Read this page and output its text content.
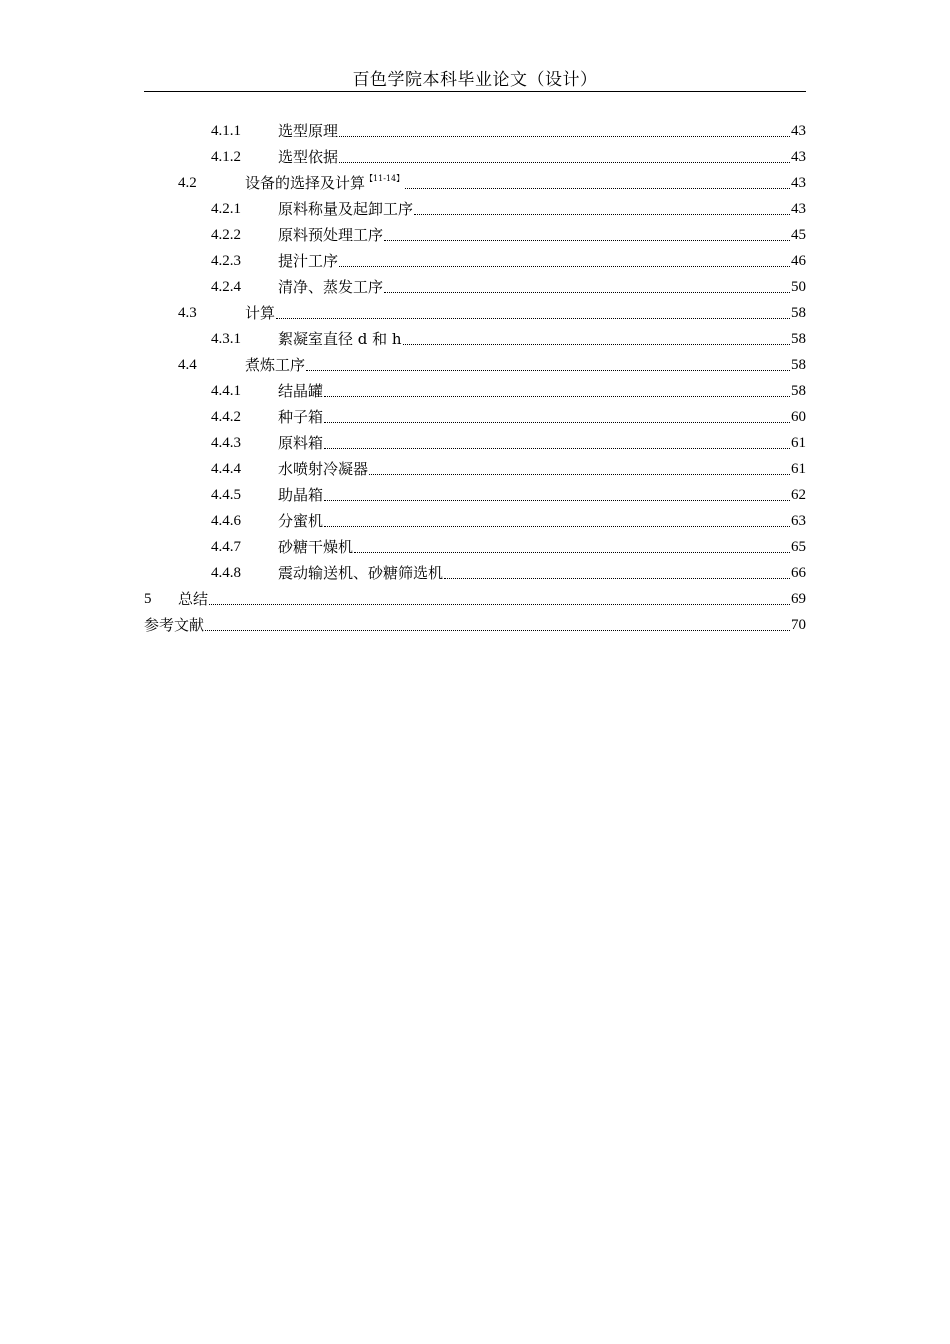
百色学院本科毕业论文（设计）
4.1.1	选型原理	43
4.1.2	选型依据	43
4.2	设备的选择及计算$^{【11-14】}$	43
4.2.1	原料称量及起卸工序	43
4.2.2	原料预处理工序	45
4.2.3	提汁工序	46
4.2.4	清净、蒸发工序	50
4.3	计算	58
4.3.1	絮凝室直径 d 和 h	58
4.4	煮炼工序	58
4.4.1	结晶罐	58
4.4.2	种子箱	60
4.4.3	原料箱	61
4.4.4	水喷射冷凝器	61
4.4.5	助晶箱	62
4.4.6	分蜜机	63
4.4.7	砂糖干燥机	65
4.4.8	震动输送机、砂糖筛选机	66
5	总结	69
参考文献	70
